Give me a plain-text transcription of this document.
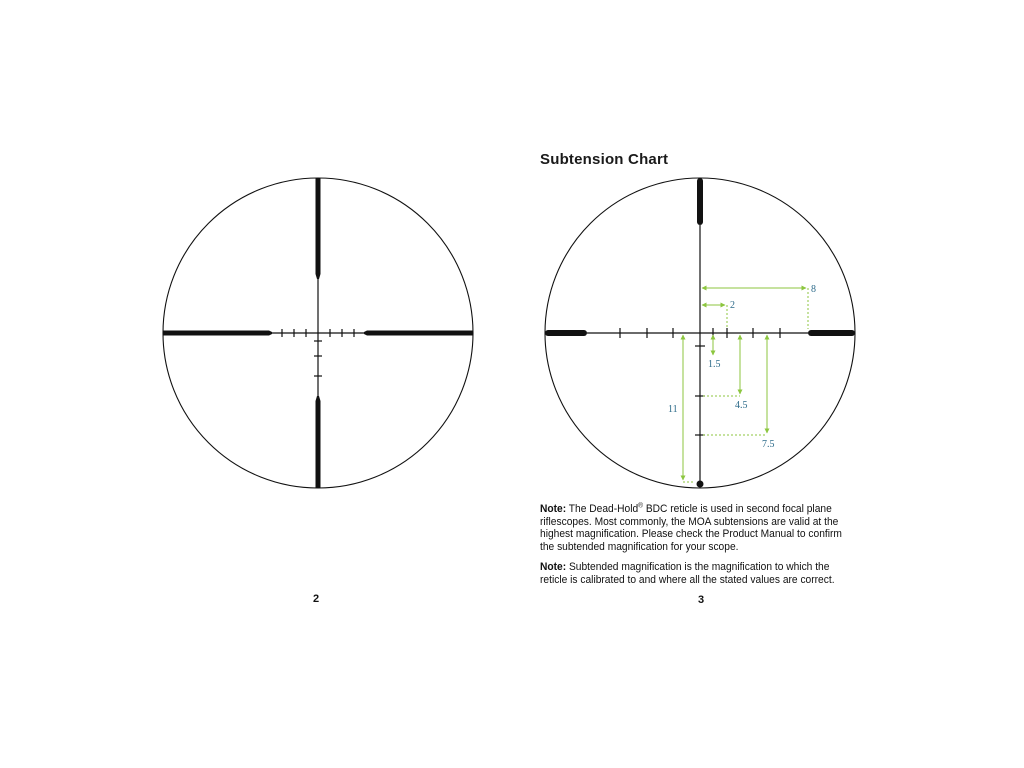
2
Subtension Chart
2
8
1.5
4.5
7.5
11

Note: The Dead-Hold® BDC reticle is used in second focal plane riflescopes. Most commonly, the MOA subtensions are valid at the highest magnification. Please check the Product Manual to confirm the subtended magnification for your scope.

Note: Subtended magnification is the magnification to which the reticle is calibrated to and where all the stated values are correct.

3
